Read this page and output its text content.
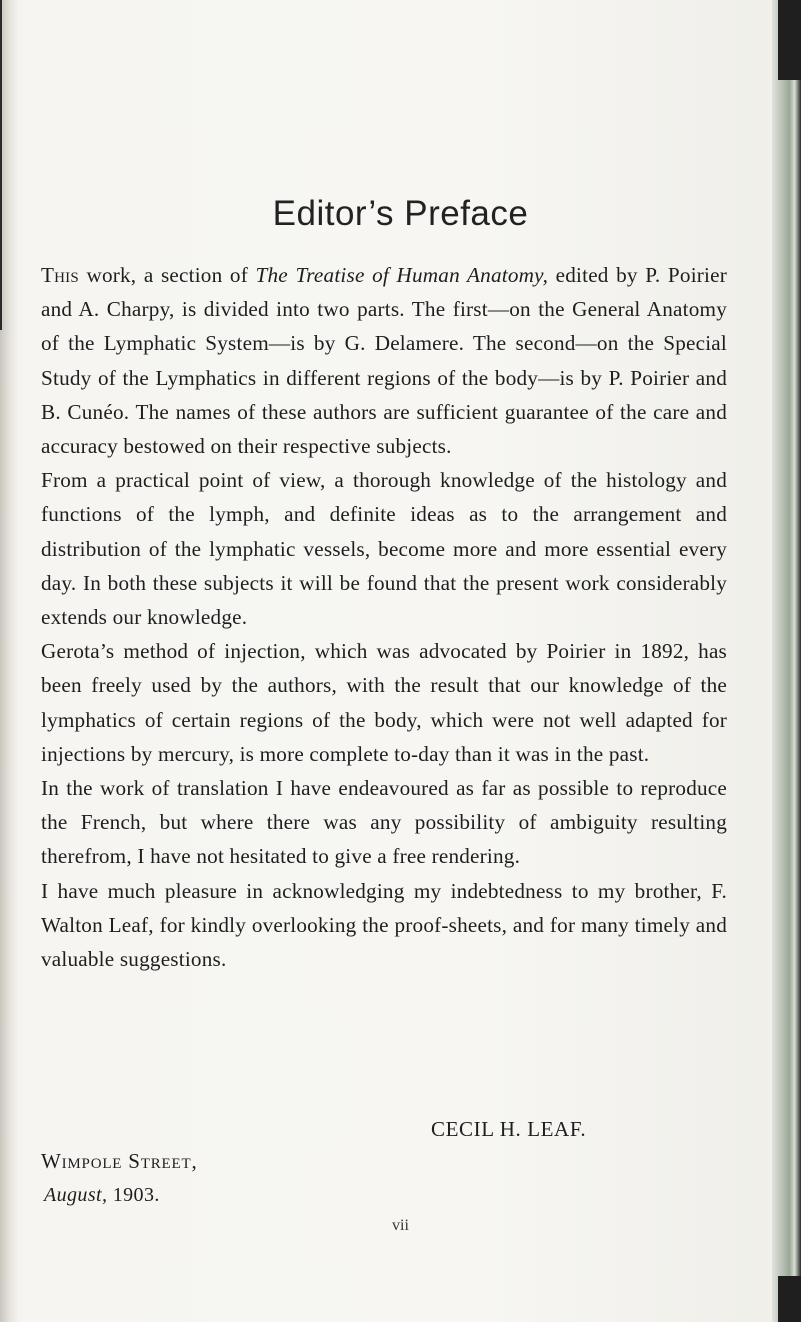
Editor’s Preface

This work, a section of The Treatise of Human Anatomy, edited by P. Poirier and A. Charpy, is divided into two parts. The first—on the General Anatomy of the Lymphatic System—is by G. Delamere. The second—on the Special Study of the Lymphatics in different regions of the body—is by P. Poirier and B. Cunéo. The names of these authors are sufficient guarantee of the care and accuracy bestowed on their respective subjects.

From a practical point of view, a thorough knowledge of the histology and functions of the lymph, and definite ideas as to the arrangement and distribution of the lymphatic vessels, become more and more essential every day. In both these subjects it will be found that the present work considerably extends our knowledge.

Gerota’s method of injection, which was advocated by Poirier in 1892, has been freely used by the authors, with the result that our knowledge of the lymphatics of certain regions of the body, which were not well adapted for injections by mercury, is more complete to-day than it was in the past.

In the work of translation I have endeavoured as far as possible to reproduce the French, but where there was any possibility of ambiguity resulting therefrom, I have not hesitated to give a free rendering.

I have much pleasure in acknowledging my indebtedness to my brother, F. Walton Leaf, for kindly overlooking the proof-sheets, and for many timely and valuable suggestions.

CECIL H. LEAF.
Wimpole Street,
August, 1903.
vii
